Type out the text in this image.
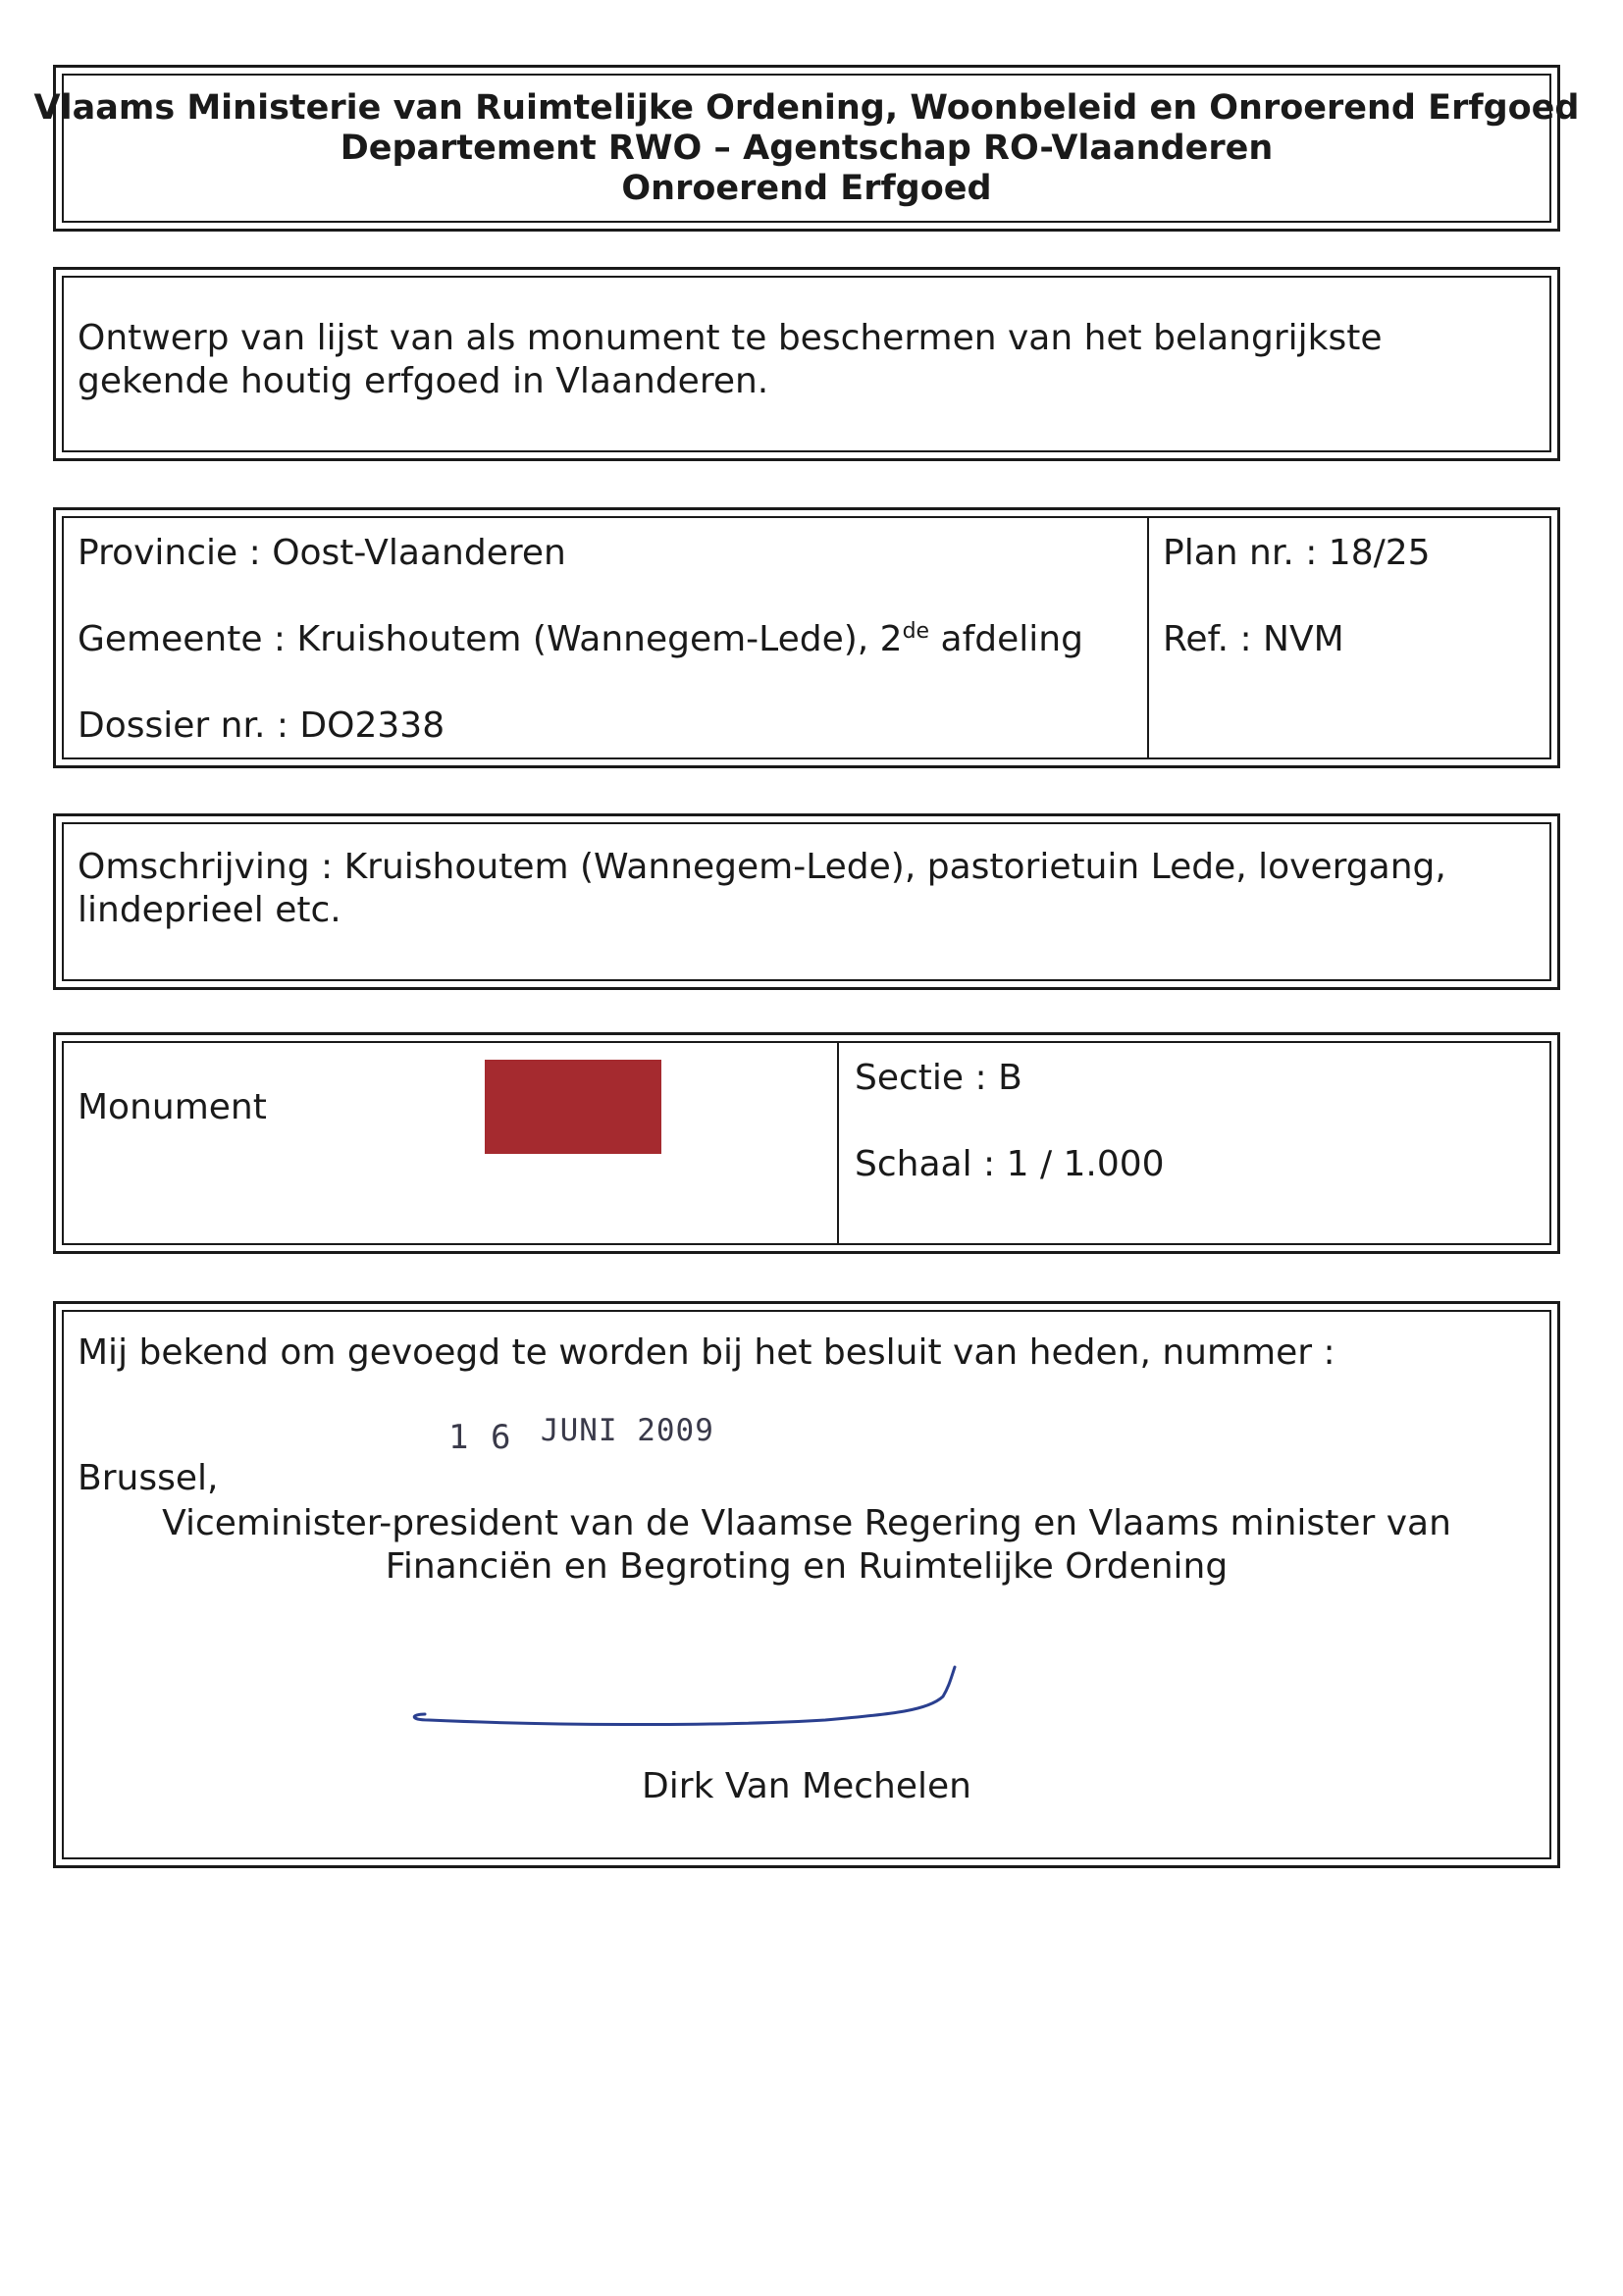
Vlaams Ministerie van Ruimtelijke Ordening, Woonbeleid en Onroerend Erfgoed
Departement RWO – Agentschap RO-Vlaanderen
Onroerend Erfgoed
Ontwerp van lijst van als monument te beschermen van het belangrijkste gekende houtig erfgoed in Vlaanderen.
Provincie : Oost-Vlaanderen
Gemeente : Kruishoutem (Wannegem-Lede), 2de afdeling
Dossier nr. : DO2338
Plan nr. : 18/25
Ref. : NVM
Omschrijving : Kruishoutem (Wannegem-Lede), pastorietuin Lede, lovergang, lindeprieel etc.
Monument
Sectie : B
Schaal : 1 / 1.000
Mij bekend om gevoegd te worden bij het besluit van heden, nummer :
1 6 JUNI 2009
Brussel,
Viceminister-president van de Vlaamse Regering en Vlaams minister van
Financiën en Begroting en Ruimtelijke Ordening
Dirk Van Mechelen
